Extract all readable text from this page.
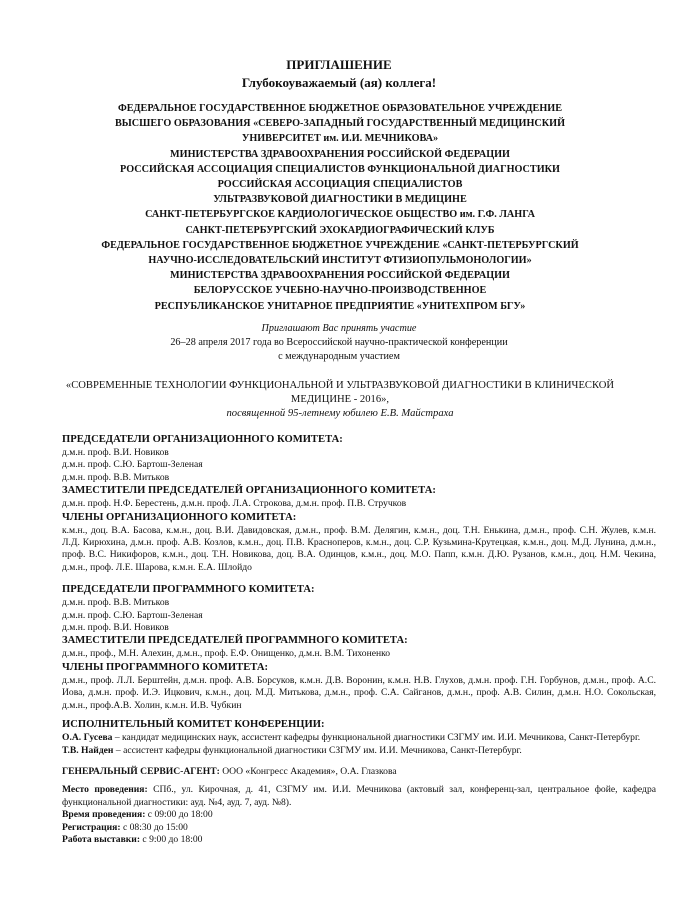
ПРИГЛАШЕНИЕ
Глубокоуважаемый (ая) коллега!
ФЕДЕРАЛЬНОЕ ГОСУДАРСТВЕННОЕ БЮДЖЕТНОЕ ОБРАЗОВАТЕЛЬНОЕ УЧРЕЖДЕНИЕ
ВЫСШЕГО ОБРАЗОВАНИЯ «СЕВЕРО-ЗАПАДНЫЙ ГОСУДАРСТВЕННЫЙ МЕДИЦИНСКИЙ
УНИВЕРСИТЕТ им. И.И. МЕЧНИКОВА»
МИНИСТЕРСТВА ЗДРАВООХРАНЕНИЯ РОССИЙСКОЙ ФЕДЕРАЦИИ
РОССИЙСКАЯ АССОЦИАЦИЯ СПЕЦИАЛИСТОВ ФУНКЦИОНАЛЬНОЙ ДИАГНОСТИКИ
РОССИЙСКАЯ АССОЦИАЦИЯ СПЕЦИАЛИСТОВ
УЛЬТРАЗВУКОВОЙ ДИАГНОСТИКИ В МЕДИЦИНЕ
САНКТ-ПЕТЕРБУРГСКОЕ КАРДИОЛОГИЧЕСКОЕ ОБЩЕСТВО им. Г.Ф. ЛАНГА
САНКТ-ПЕТЕРБУРГСКИЙ ЭХОКАРДИОГРАФИЧЕСКИЙ КЛУБ
ФЕДЕРАЛЬНОЕ ГОСУДАРСТВЕННОЕ БЮДЖЕТНОЕ УЧРЕЖДЕНИЕ «САНКТ-ПЕТЕРБУРГСКИЙ
НАУЧНО-ИССЛЕДОВАТЕЛЬСКИЙ ИНСТИТУТ ФТИЗИОПУЛЬМОНОЛОГИИ»
МИНИСТЕРСТВА ЗДРАВООХРАНЕНИЯ РОССИЙСКОЙ ФЕДЕРАЦИИ
БЕЛОРУССКОЕ УЧЕБНО-НАУЧНО-ПРОИЗВОДСТВЕННОЕ
РЕСПУБЛИКАНСКОЕ УНИТАРНОЕ ПРЕДПРИЯТИЕ «УНИТЕХПРОМ БГУ»
Приглашают Вас принять участие
26–28 апреля 2017 года во Всероссийской научно-практической конференции
с международным участием
«СОВРЕМЕННЫЕ ТЕХНОЛОГИИ ФУНКЦИОНАЛЬНОЙ И УЛЬТРАЗВУКОВОЙ ДИАГНОСТИКИ В КЛИНИЧЕСКОЙ МЕДИЦИНЕ - 2016»,
посвященной 95-летнему юбилею Е.В. Майстраха
ПРЕДСЕДАТЕЛИ ОРГАНИЗАЦИОННОГО КОМИТЕТА:
д.м.н. проф. В.И. Новиков
д.м.н. проф. С.Ю. Бартош-Зеленая
д.м.н. проф. В.В. Митьков
ЗАМЕСТИТЕЛИ ПРЕДСЕДАТЕЛЕЙ ОРГАНИЗАЦИОННОГО КОМИТЕТА:
д.м.н. проф. Н.Ф. Берестень, д.м.н. проф. Л.А. Строкова, д.м.н. проф. П.В. Стручков
ЧЛЕНЫ ОРГАНИЗАЦИОННОГО КОМИТЕТА:
к.м.н., доц. В.А. Басова, к.м.н., доц. В.И. Давидовская, д.м.н., проф. В.М. Делягин, к.м.н., доц. Т.Н. Енькина, д.м.н., проф. С.Н. Жулев, к.м.н. Л.Д. Кирюхина, д.м.н. проф. А.В. Козлов, к.м.н., доц. П.В. Красноперов, к.м.н., доц. С.Р. Кузьмина-Крутецкая, к.м.н., доц. М.Д. Лунина, д.м.н., проф. В.С. Никифоров, к.м.н., доц. Т.Н. Новикова, доц. В.А. Одинцов, к.м.н., доц. М.О. Папп, к.м.н. Д.Ю. Рузанов, к.м.н., доц. Н.М. Чекина, д.м.н., проф. Л.Е. Шарова, к.м.н. Е.А. Шлойдо
ПРЕДСЕДАТЕЛИ ПРОГРАММНОГО КОМИТЕТА:
д.м.н. проф. В.В. Митьков
д.м.н. проф. С.Ю. Бартош-Зеленая
д.м.н. проф. В.И. Новиков
ЗАМЕСТИТЕЛИ ПРЕДСЕДАТЕЛЕЙ ПРОГРАММНОГО КОМИТЕТА:
д.м.н., проф., М.Н. Алехин, д.м.н., проф. Е.Ф. Онищенко, д.м.н. В.М. Тихоненко
ЧЛЕНЫ ПРОГРАММНОГО КОМИТЕТА:
д.м.н., проф. Л.Л. Берштейн, д.м.н. проф. А.В. Борсуков, к.м.н. Д.В. Воронин, к.м.н. Н.В. Глухов, д.м.н. проф. Г.Н. Горбунов, д.м.н., проф. А.С. Иова, д.м.н. проф. И.Э. Ицкович, к.м.н., доц. М.Д. Митькова, д.м.н., проф. С.А. Сайганов, д.м.н., проф. А.В. Силин, д.м.н. Н.О. Сокольская, д.м.н., проф.А.В. Холин, к.м.н. И.В. Чубкин
ИСПОЛНИТЕЛЬНЫЙ КОМИТЕТ КОНФЕРЕНЦИИ:
О.А. Гусева – кандидат медицинских наук, ассистент кафедры функциональной диагностики СЗГМУ им. И.И. Мечникова, Санкт-Петербург.
Т.В. Найден – ассистент кафедры функциональной диагностики СЗГМУ им. И.И. Мечникова, Санкт-Петербург.
ГЕНЕРАЛЬНЫЙ СЕРВИС-АГЕНТ: ООО «Конгресс Академия», О.А. Глазкова
Место проведения: СПб., ул. Кирочная, д. 41, СЗГМУ им. И.И. Мечникова (актовый зал, конференц-зал, центральное фойе, кафедра функциональной диагностики: ауд. №4, ауд. 7, ауд. №8).
Время проведения: с 09:00 до 18:00
Регистрация: с 08:30 до 15:00
Работа выставки: с 9:00 до 18:00
